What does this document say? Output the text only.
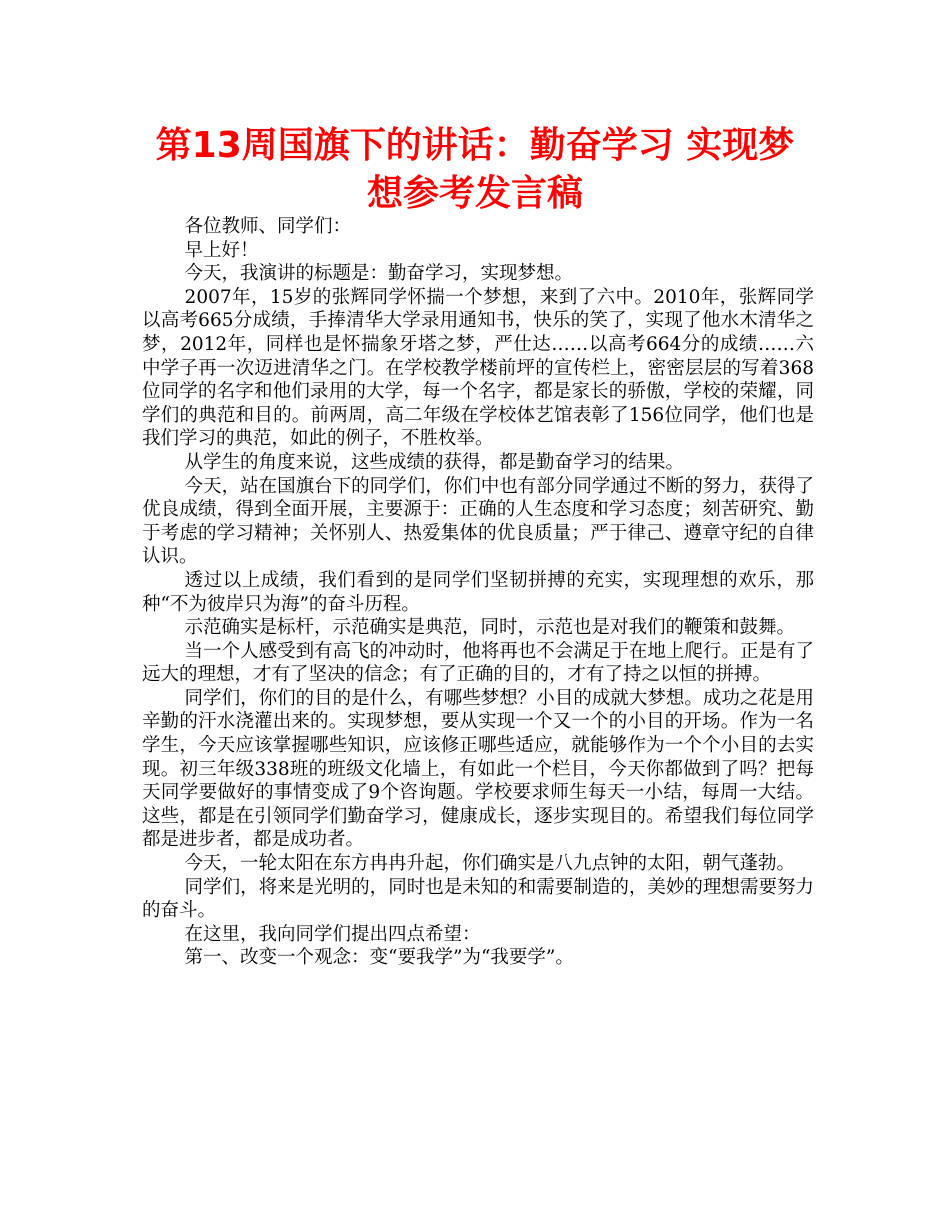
第13周国旗下的讲话：勤奋学习 实现梦想参考发言稿

各位教师、同学们：

早上好！

今天，我演讲的标题是：勤奋学习，实现梦想。

2007年，15岁的张辉同学怀揣一个梦想，来到了六中。2010年，张辉同学以高考665分成绩，手捧清华大学录用通知书，快乐的笑了，实现了他水木清华之梦，2012年，同样也是怀揣象牙塔之梦，严仕达……以高考664分的成绩……六中学子再一次迈进清华之门。在学校教学楼前坪的宣传栏上，密密层层的写着368位同学的名字和他们录用的大学，每一个名字，都是家长的骄傲，学校的荣耀，同学们的典范和目的。前两周，高二年级在学校体艺馆表彰了156位同学，他们也是我们学习的典范，如此的例子，不胜枚举。

从学生的角度来说，这些成绩的获得，都是勤奋学习的结果。

今天，站在国旗台下的同学们，你们中也有部分同学通过不断的努力，获得了优良成绩，得到全面开展，主要源于：正确的人生态度和学习态度；刻苦研究、勤于考虑的学习精神；关怀别人、热爱集体的优良质量；严于律己、遵章守纪的自律认识。

透过以上成绩，我们看到的是同学们坚韧拼搏的充实，实现理想的欢乐，那种“不为彼岸只为海”的奋斗历程。

示范确实是标杆，示范确实是典范，同时，示范也是对我们的鞭策和鼓舞。

当一个人感受到有高飞的冲动时，他将再也不会满足于在地上爬行。正是有了远大的理想，才有了坚决的信念；有了正确的目的，才有了持之以恒的拼搏。

同学们，你们的目的是什么，有哪些梦想？小目的成就大梦想。成功之花是用辛勤的汗水浇灌出来的。实现梦想，要从实现一个又一个的小目的开场。作为一名学生，今天应该掌握哪些知识，应该修正哪些适应，就能够作为一个个小目的去实现。初三年级338班的班级文化墙上，有如此一个栏目，今天你都做到了吗？把每天同学要做好的事情变成了9个咨询题。学校要求师生每天一小结，每周一大结。这些，都是在引领同学们勤奋学习，健康成长，逐步实现目的。希望我们每位同学都是进步者，都是成功者。

今天，一轮太阳在东方冉冉升起，你们确实是八九点钟的太阳，朝气蓬勃。

同学们，将来是光明的，同时也是未知的和需要制造的，美妙的理想需要努力的奋斗。

在这里，我向同学们提出四点希望：

第一、改变一个观念：变“要我学”为“我要学”。
